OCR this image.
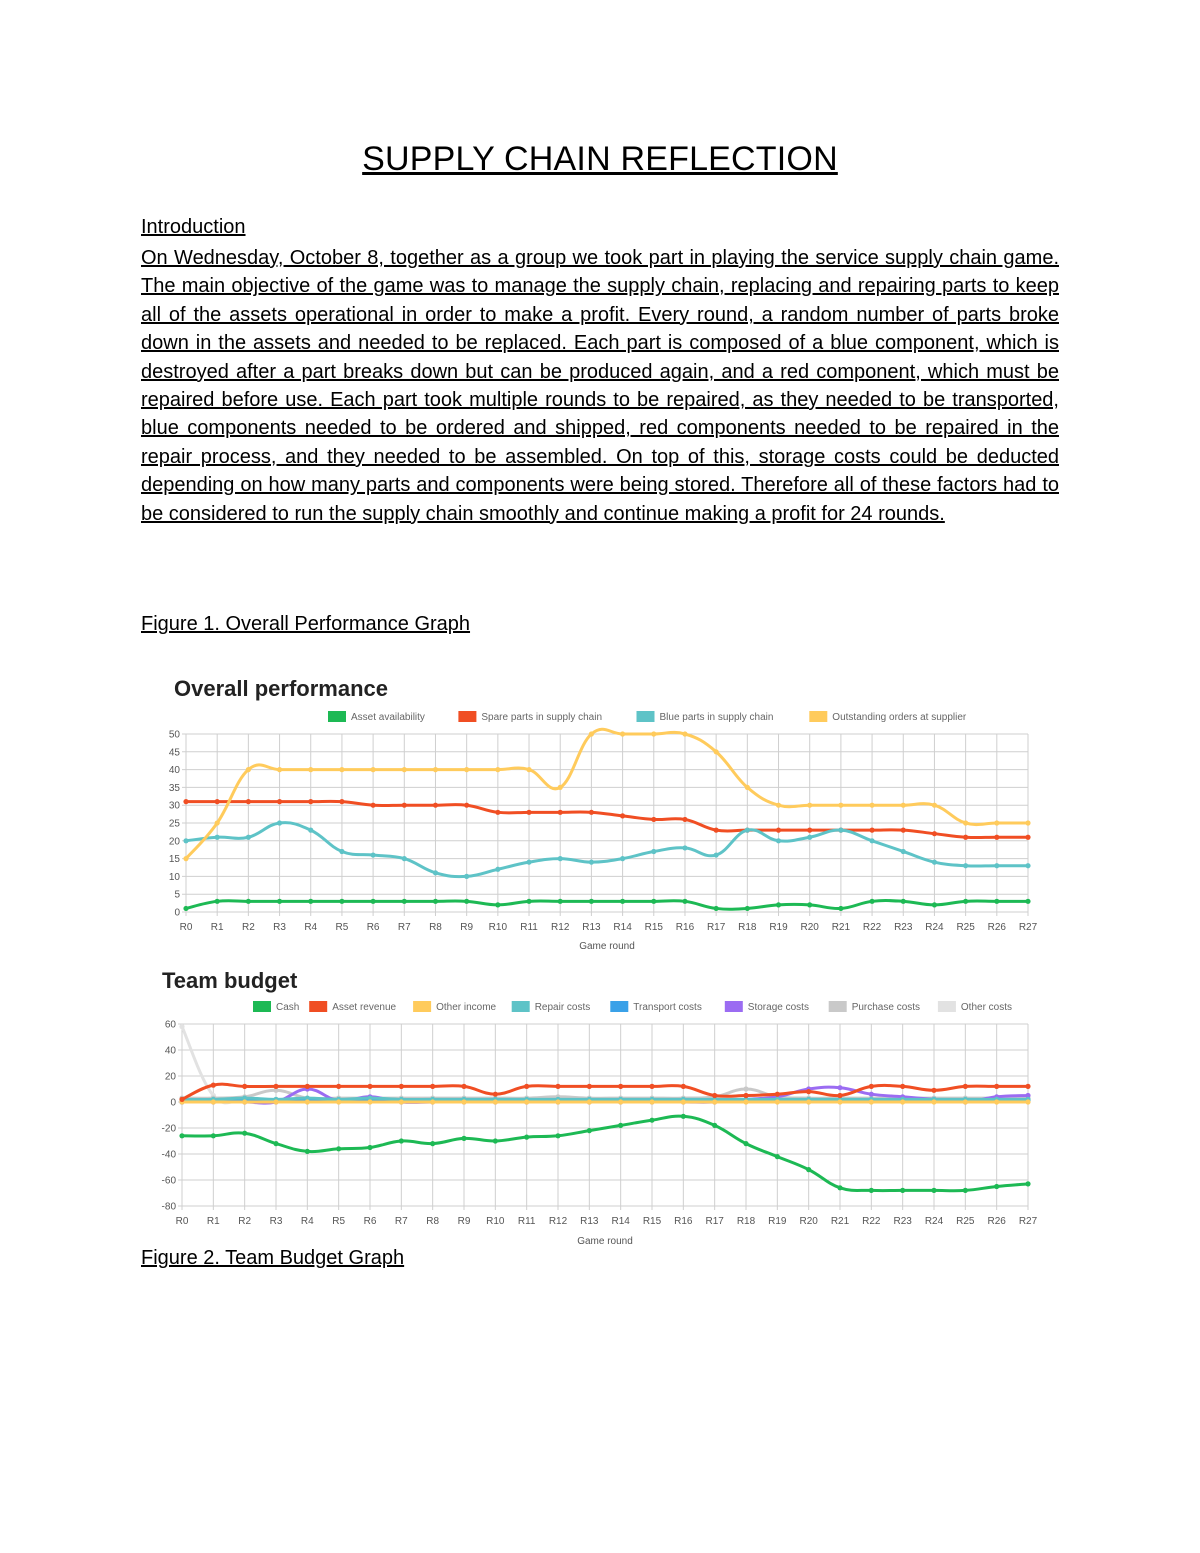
SUPPLY CHAIN REFLECTION
Introduction

On Wednesday, October 8, together as a group we took part in playing the service supply chain game. The main objective of the game was to manage the supply chain, replacing and repairing parts to keep all of the assets operational in order to make a profit. Every round, a random number of parts broke down in the assets and needed to be replaced. Each part is composed of a blue component, which is destroyed after a part breaks down but can be produced again, and a red component, which must be repaired before use. Each part took multiple rounds to be repaired, as they needed to be transported, blue components needed to be ordered and shipped, red components needed to be repaired in the repair process, and they needed to be assembled. On top of this, storage costs could be deducted depending on how many parts and components were being stored. Therefore all of these factors had to be considered to run the supply chain smoothly and continue making a profit for 24 rounds.

Figure 1. Overall Performance Graph
Overall performance
Asset availability	Spare parts in supply chain	Blue parts in supply chain	Outstanding orders at supplier
0
5
10
15
20
25
30
35
40
45
50
R0 R1 R2 R3 R4 R5 R6 R7 R8 R9 R10 R11 R12 R13 R14 R15 R16 R17 R18 R19 R20 R21 R22 R23 R24 R25 R26 R27
Game round
Team budget
Cash	Asset revenue	Other income	Repair costs	Transport costs	Storage costs	Purchase costs	Other costs
-80
-60
-40
-20
0
20
40
60
R0 R1 R2 R3 R4 R5 R6 R7 R8 R9 R10 R11 R12 R13 R14 R15 R16 R17 R18 R19 R20 R21 R22 R23 R24 R25 R26 R27
Game round
Figure 2. Team Budget Graph
